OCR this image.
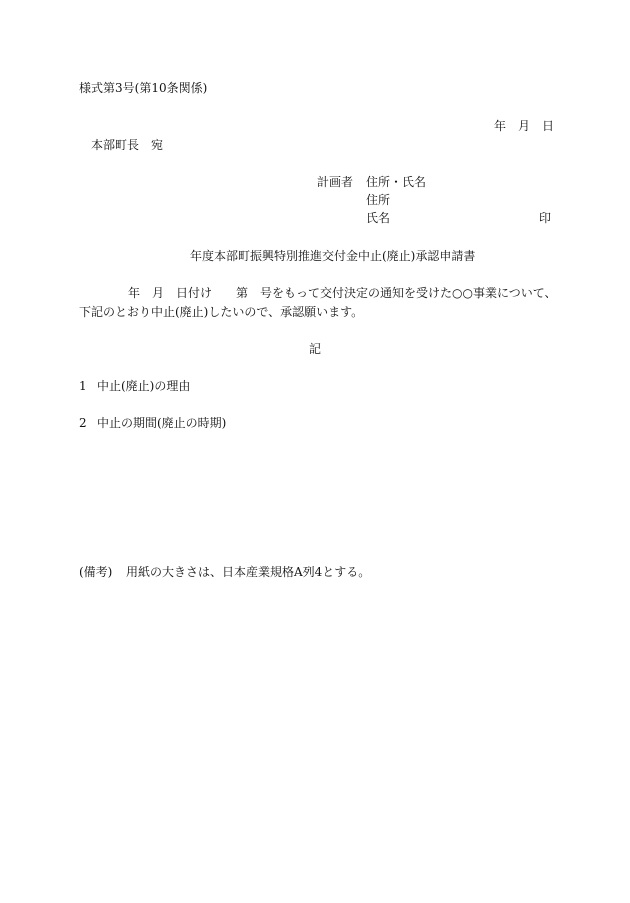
様式第3号(第10条関係)
年　月　日
本部町長　宛
計画者 住所・氏名
住所
氏名	印
年度本部町振興特別推進交付金中止(廃止)承認申請書
年　月　日付け　　第　号をもって交付決定の通知を受けた○○事業について、
下記のとおり中止(廃止)したいので、承認願います。
記
1 中止(廃止)の理由
2 中止の期間(廃止の時期)
(備考) 用紙の大きさは、日本産業規格A列4とする。
